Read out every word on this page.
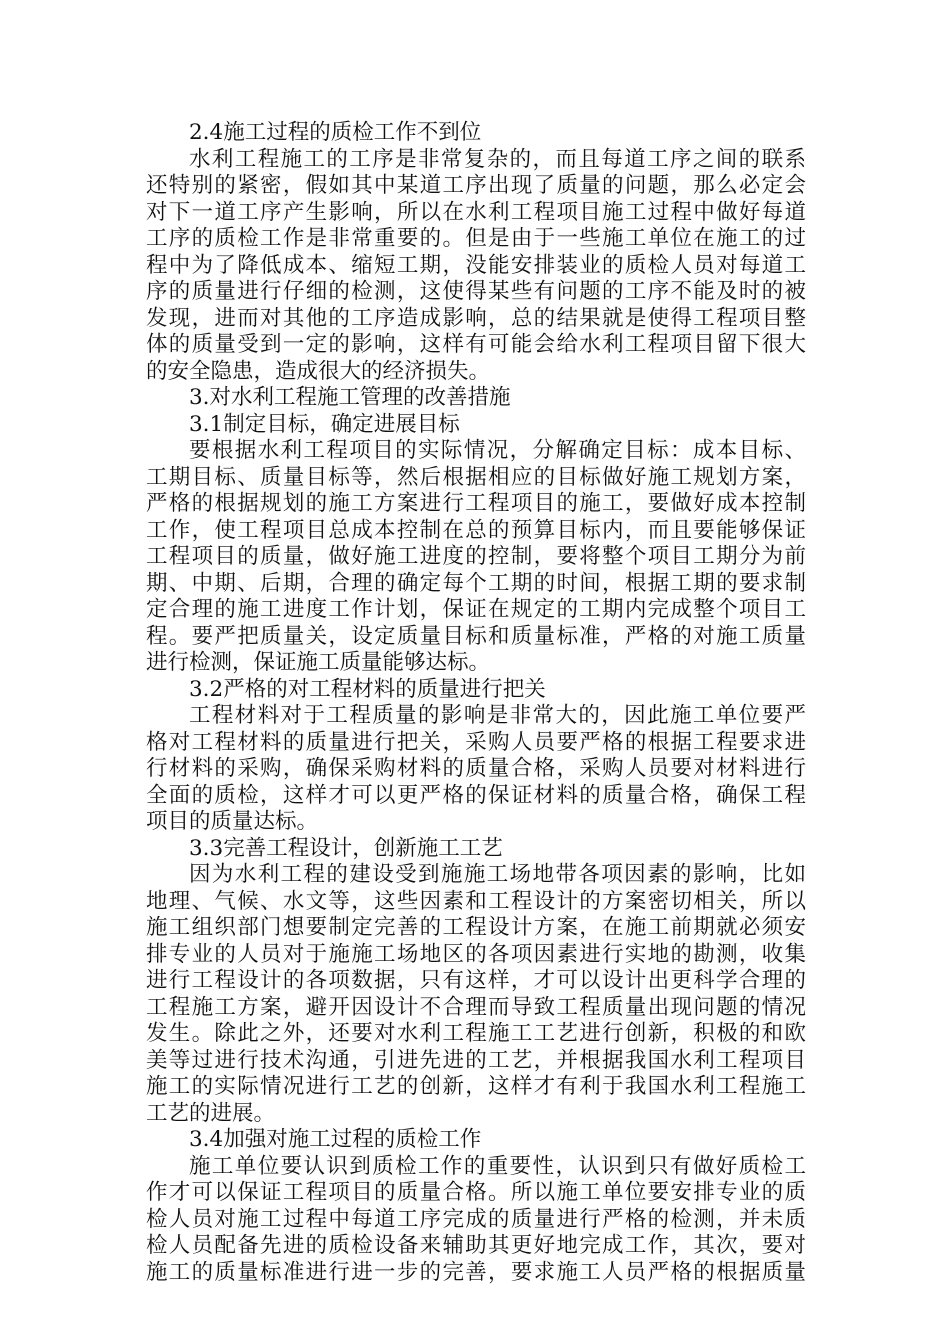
2.4施工过程的质检工作不到位
水利工程施工的工序是非常复杂的，而且每道工序之间的联系
还特别的紧密，假如其中某道工序出现了质量的问题，那么必定会
对下一道工序产生影响，所以在水利工程项目施工过程中做好每道
工序的质检工作是非常重要的。但是由于一些施工单位在施工的过
程中为了降低成本、缩短工期，没能安排装业的质检人员对每道工
序的质量进行仔细的检测，这使得某些有问题的工序不能及时的被
发现，进而对其他的工序造成影响，总的结果就是使得工程项目整
体的质量受到一定的影响，这样有可能会给水利工程项目留下很大
的安全隐患，造成很大的经济损失。
3.对水利工程施工管理的改善措施
3.1制定目标，确定进展目标
要根据水利工程项目的实际情况，分解确定目标：成本目标、
工期目标、质量目标等，然后根据相应的目标做好施工规划方案，
严格的根据规划的施工方案进行工程项目的施工，要做好成本控制
工作，使工程项目总成本控制在总的预算目标内，而且要能够保证
工程项目的质量，做好施工进度的控制，要将整个项目工期分为前
期、中期、后期，合理的确定每个工期的时间，根据工期的要求制
定合理的施工进度工作计划，保证在规定的工期内完成整个项目工
程。要严把质量关，设定质量目标和质量标准，严格的对施工质量
进行检测，保证施工质量能够达标。
3.2严格的对工程材料的质量进行把关
工程材料对于工程质量的影响是非常大的，因此施工单位要严
格对工程材料的质量进行把关，采购人员要严格的根据工程要求进
行材料的采购，确保采购材料的质量合格，采购人员要对材料进行
全面的质检，这样才可以更严格的保证材料的质量合格，确保工程
项目的质量达标。
3.3完善工程设计，创新施工工艺
因为水利工程的建设受到施施工场地带各项因素的影响，比如
地理、气候、水文等，这些因素和工程设计的方案密切相关，所以
施工组织部门想要制定完善的工程设计方案，在施工前期就必须安
排专业的人员对于施施工场地区的各项因素进行实地的勘测，收集
进行工程设计的各项数据，只有这样，才可以设计出更科学合理的
工程施工方案，避开因设计不合理而导致工程质量出现问题的情况
发生。除此之外，还要对水利工程施工工艺进行创新，积极的和欧
美等过进行技术沟通，引进先进的工艺，并根据我国水利工程项目
施工的实际情况进行工艺的创新，这样才有利于我国水利工程施工
工艺的进展。
3.4加强对施工过程的质检工作
施工单位要认识到质检工作的重要性，认识到只有做好质检工
作才可以保证工程项目的质量合格。所以施工单位要安排专业的质
检人员对施工过程中每道工序完成的质量进行严格的检测，并未质
检人员配备先进的质检设备来辅助其更好地完成工作，其次，要对
施工的质量标准进行进一步的完善，要求施工人员严格的根据质量
